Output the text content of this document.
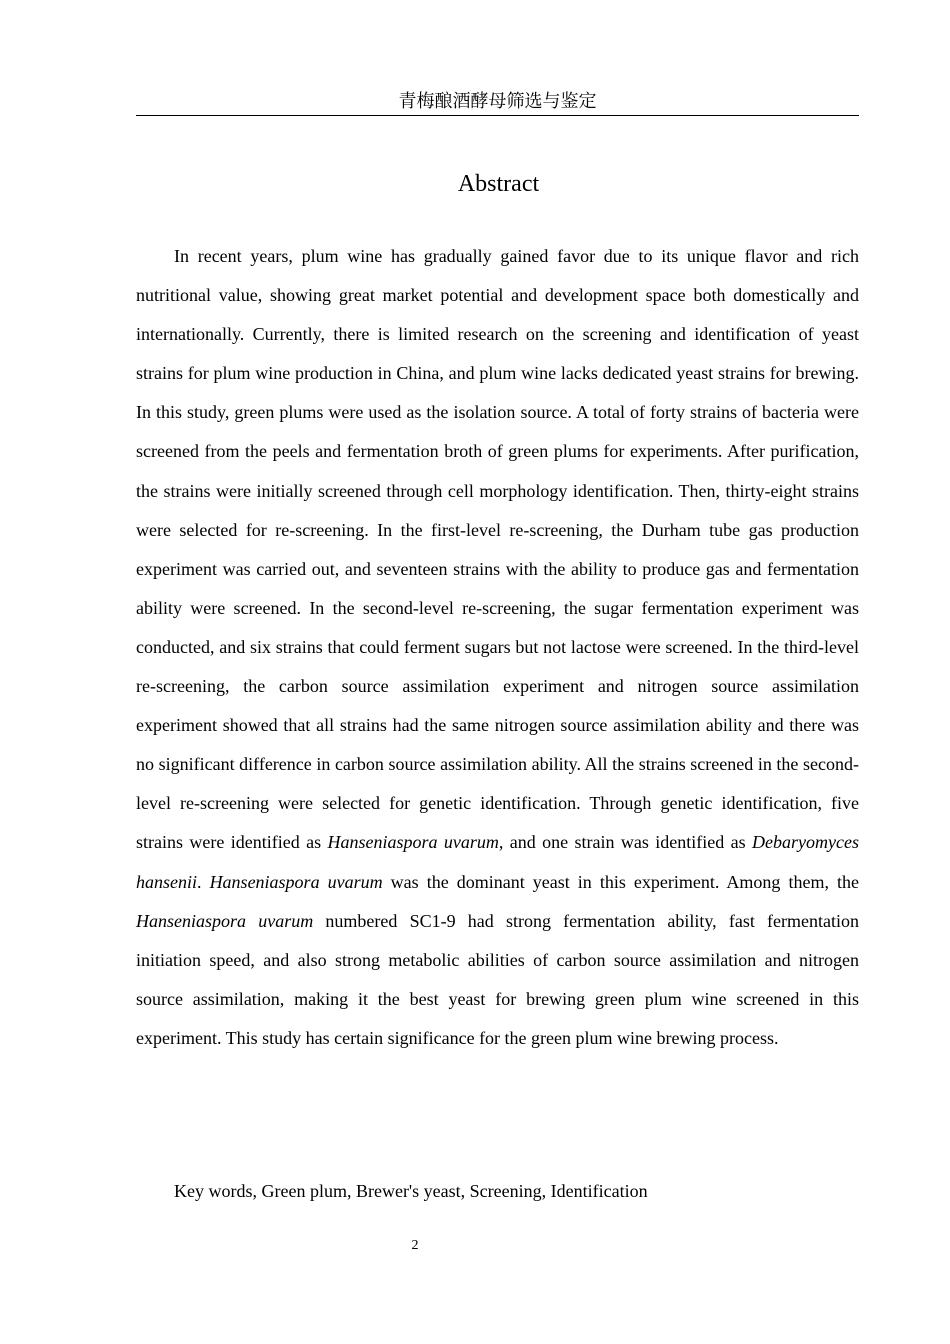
青梅酿酒酵母筛选与鉴定
Abstract

In recent years, plum wine has gradually gained favor due to its unique flavor and rich nutritional value, showing great market potential and development space both domestically and internationally. Currently, there is limited research on the screening and identification of yeast strains for plum wine production in China, and plum wine lacks dedicated yeast strains for brewing. In this study, green plums were used as the isolation source. A total of forty strains of bacteria were screened from the peels and fermentation broth of green plums for experiments. After purification, the strains were initially screened through cell morphology identification. Then, thirty-eight strains were selected for re-screening. In the first-level re-screening, the Durham tube gas production experiment was carried out, and seventeen strains with the ability to produce gas and fermentation ability were screened. In the second-level re-screening, the sugar fermentation experiment was conducted, and six strains that could ferment sugars but not lactose were screened. In the third-level re-screening, the carbon source assimilation experiment and nitrogen source assimilation experiment showed that all strains had the same nitrogen source assimilation ability and there was no significant difference in carbon source assimilation ability. All the strains screened in the second-level re-screening were selected for genetic identification. Through genetic identification, five strains were identified as Hanseniaspora uvarum, and one strain was identified as Debaryomyces hansenii. Hanseniaspora uvarum was the dominant yeast in this experiment. Among them, the Hanseniaspora uvarum numbered SC1-9 had strong fermentation ability, fast fermentation initiation speed, and also strong metabolic abilities of carbon source assimilation and nitrogen source assimilation, making it the best yeast for brewing green plum wine screened in this experiment. This study has certain significance for the green plum wine brewing process.

Key words, Green plum, Brewer's yeast, Screening, Identification
2
